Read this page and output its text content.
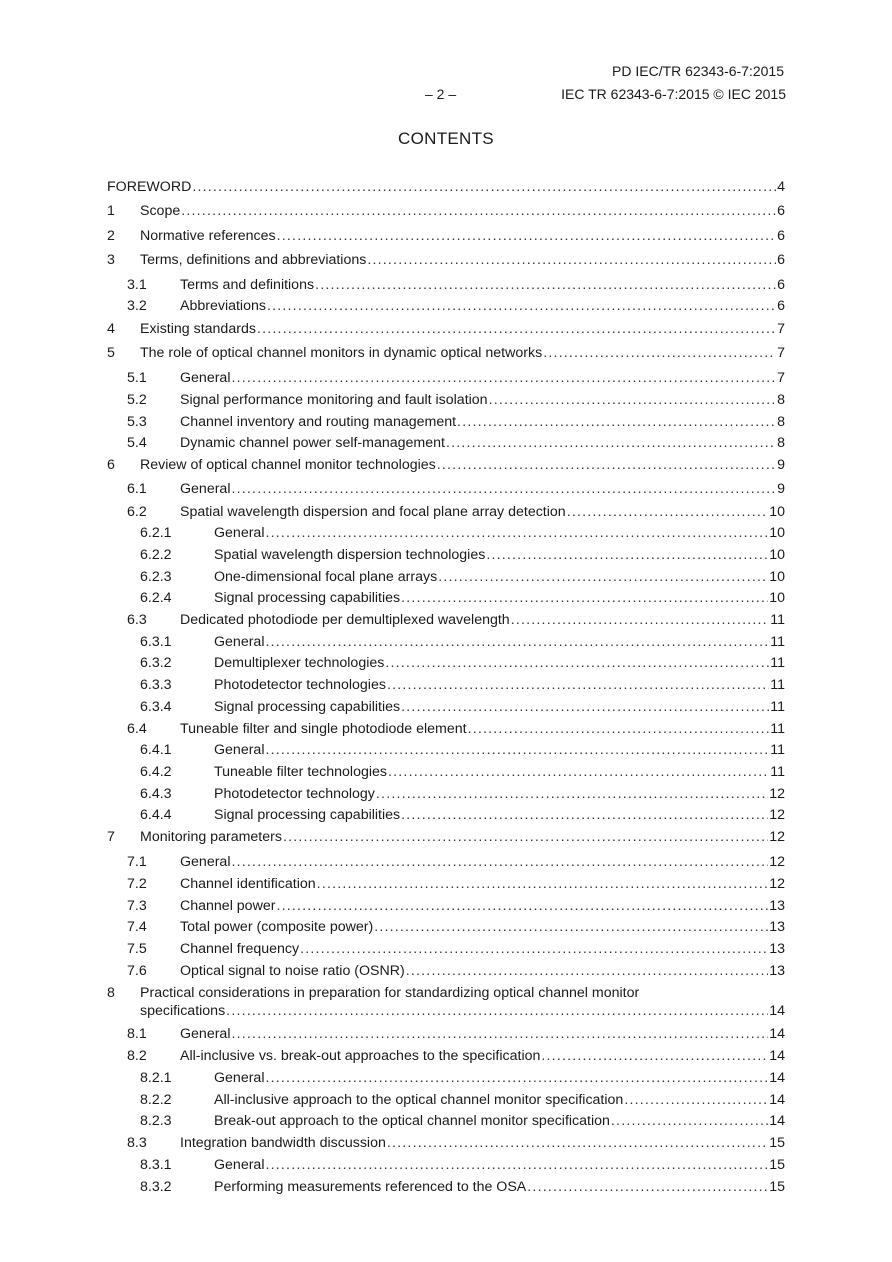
PD IEC/TR 62343-6-7:2015
– 2 –	IEC TR 62343-6-7:2015 © IEC 2015
CONTENTS
FOREWORD .....	4
1	Scope .....	6
2	Normative references .....	6
3	Terms, definitions and abbreviations .....	6
3.1	Terms and definitions .....	6
3.2	Abbreviations .....	6
4	Existing standards .....	7
5	The role of optical channel monitors in dynamic optical networks .....	7
5.1	General .....	7
5.2	Signal performance monitoring and fault isolation .....	8
5.3	Channel inventory and routing management .....	8
5.4	Dynamic channel power self-management .....	8
6	Review of optical channel monitor technologies .....	9
6.1	General .....	9
6.2	Spatial wavelength dispersion and focal plane array detection .....	10
6.2.1	General .....	10
6.2.2	Spatial wavelength dispersion technologies .....	10
6.2.3	One-dimensional focal plane arrays .....	10
6.2.4	Signal processing capabilities .....	10
6.3	Dedicated photodiode per demultiplexed wavelength .....	11
6.3.1	General .....	11
6.3.2	Demultiplexer technologies .....	11
6.3.3	Photodetector technologies .....	11
6.3.4	Signal processing capabilities .....	11
6.4	Tuneable filter and single photodiode element .....	11
6.4.1	General .....	11
6.4.2	Tuneable filter technologies .....	11
6.4.3	Photodetector technology .....	12
6.4.4	Signal processing capabilities .....	12
7	Monitoring parameters .....	12
7.1	General .....	12
7.2	Channel identification .....	12
7.3	Channel power .....	13
7.4	Total power (composite power) .....	13
7.5	Channel frequency .....	13
7.6	Optical signal to noise ratio (OSNR) .....	13
8	Practical considerations in preparation for standardizing optical channel monitor
specifications .....	14
8.1	General .....	14
8.2	All-inclusive vs. break-out approaches to the specification .....	14
8.2.1	General .....	14
8.2.2	All-inclusive approach to the optical channel monitor specification .....	14
8.2.3	Break-out approach to the optical channel monitor specification .....	14
8.3	Integration bandwidth discussion .....	15
8.3.1	General .....	15
8.3.2	Performing measurements referenced to the OSA .....	15
